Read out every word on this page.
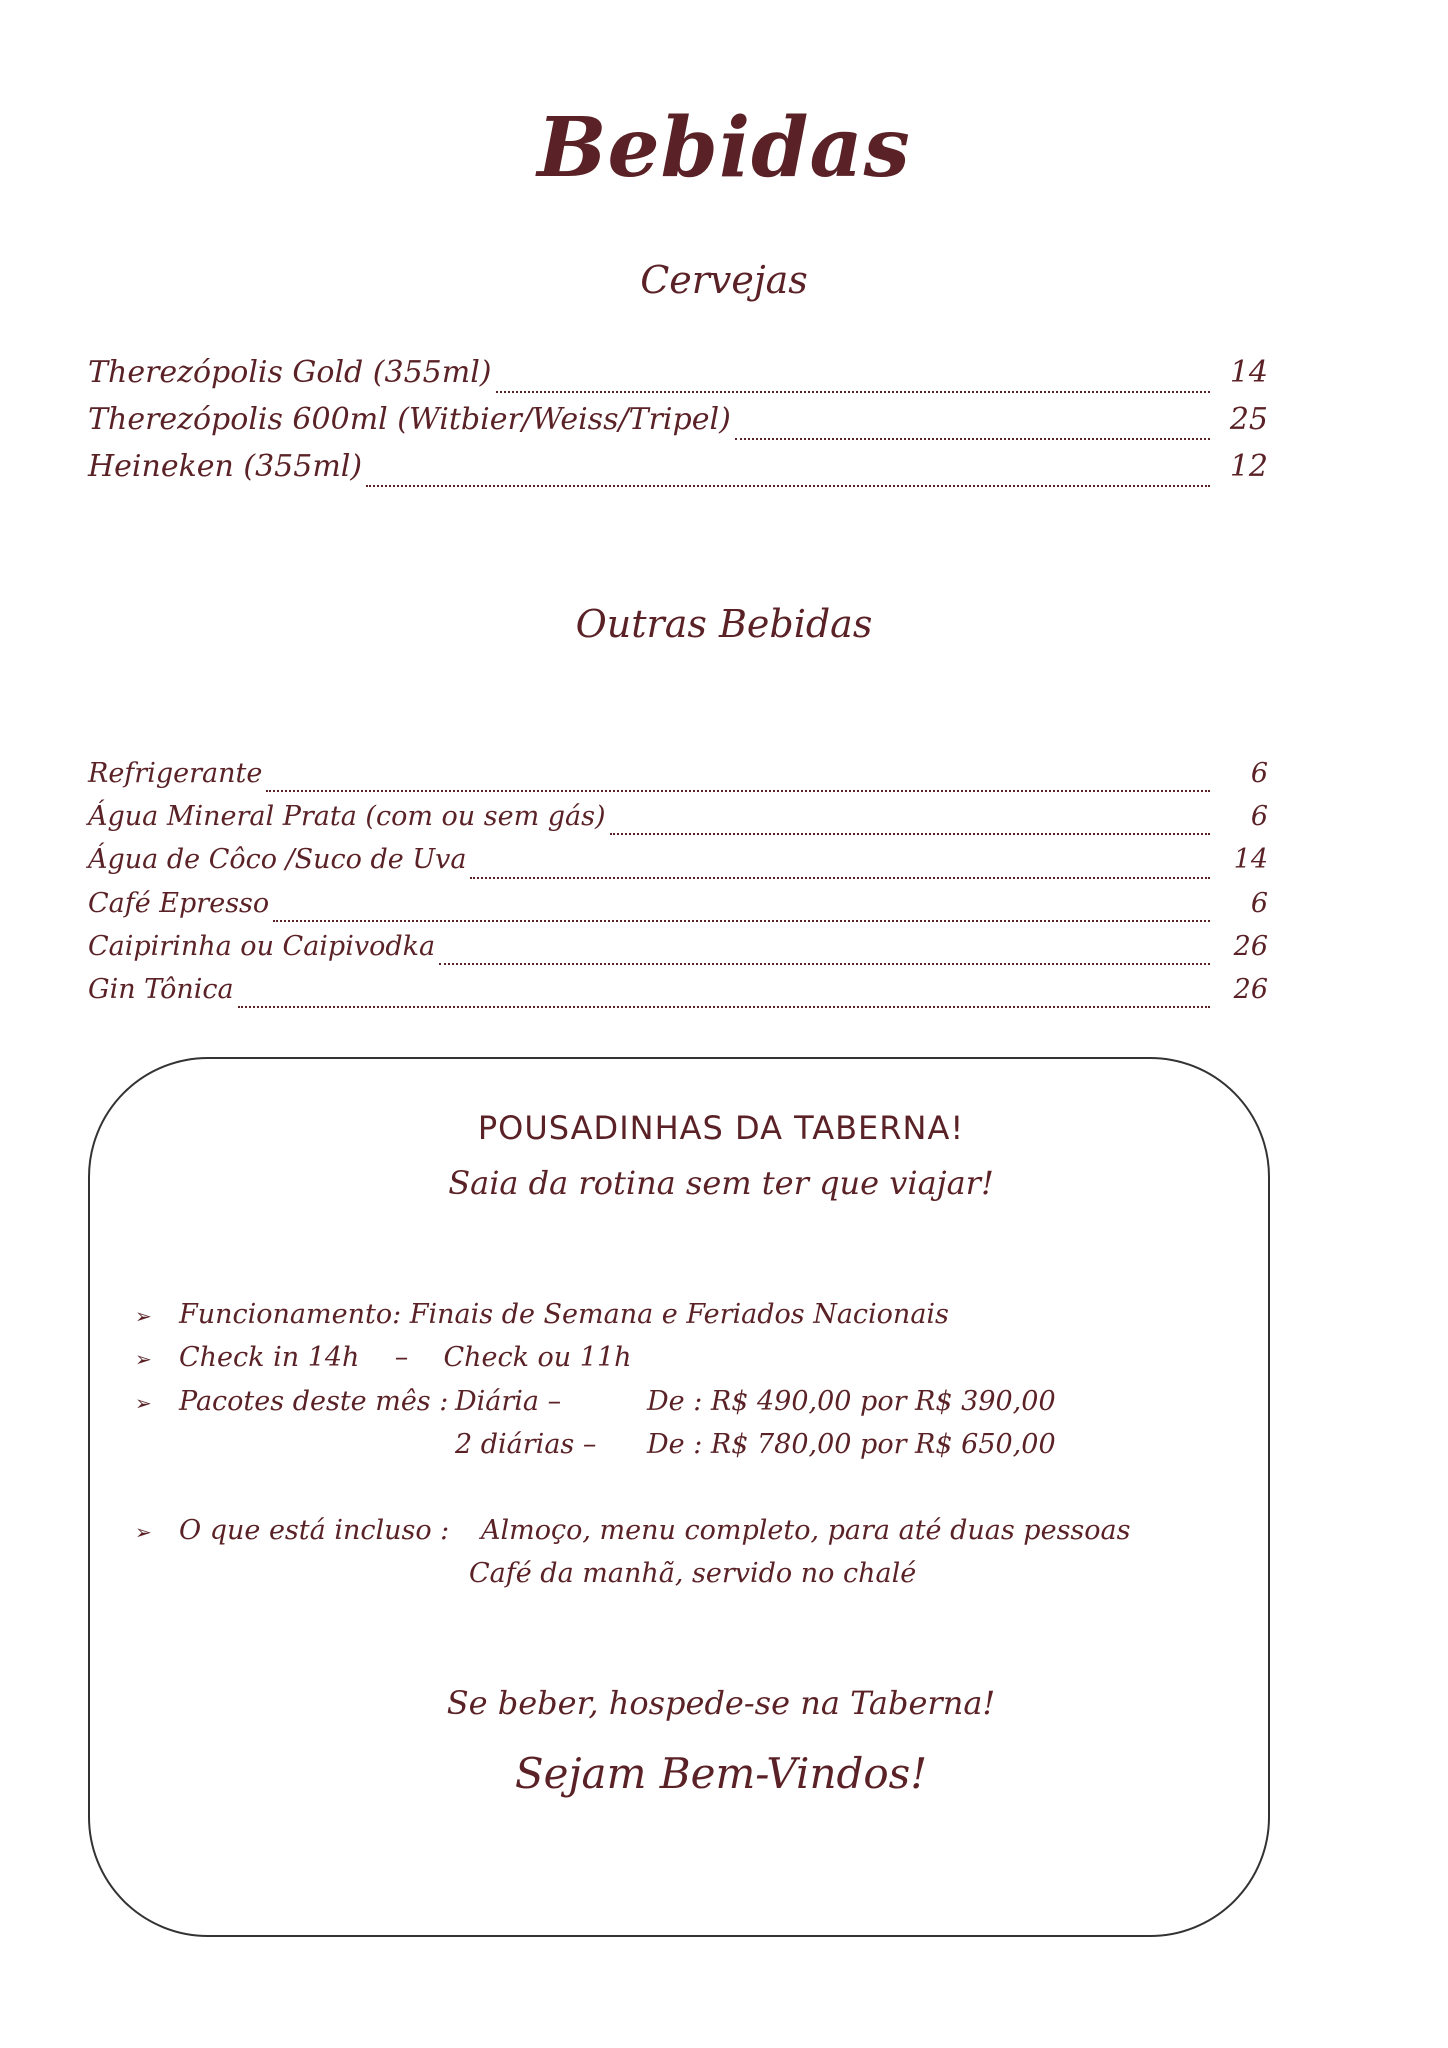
Bebidas
Cervejas
Therezópolis Gold (355ml)	14
Therezópolis 600ml (Witbier/Weiss/Tripel)	25
Heineken (355ml)	12
Outras Bebidas
Refrigerante	6
Água Mineral Prata (com ou sem gás)	6
Água de Côco /Suco de Uva	14
Café Epresso	6
Caipirinha ou Caipivodka	26
Gin Tônica	26
POUSADINHAS DA TABERNA!
Saia da rotina sem ter que viajar!
➢ Funcionamento: Finais de Semana e Feriados Nacionais
➢ Check in 14h – Check ou 11h
➢ Pacotes deste mês : Diária –	De : R$ 490,00 por R$ 390,00
2 diárias – De : R$ 780,00 por R$ 650,00
➢ O que está incluso : Almoço, menu completo, para até duas pessoas
Café da manhã, servido no chalé
Se beber, hospede-se na Taberna!
Sejam Bem-Vindos!
